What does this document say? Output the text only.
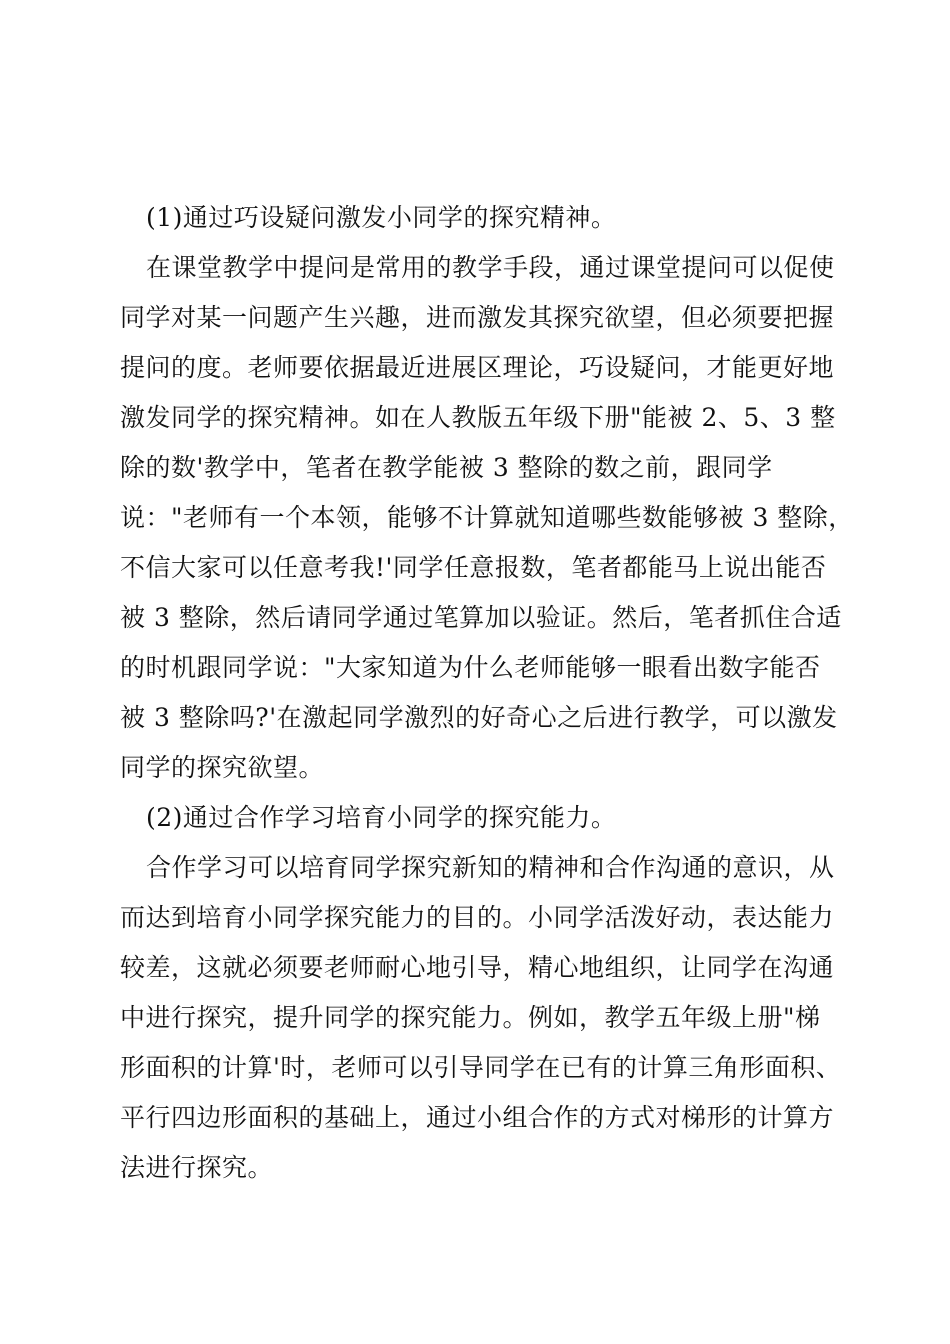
(1)通过巧设疑问激发小同学的探究精神。
在课堂教学中提问是常用的教学手段，通过课堂提问可以促使
同学对某一问题产生兴趣，进而激发其探究欲望，但必须要把握
提问的度。老师要依据最近进展区理论，巧设疑问，才能更好地
激发同学的探究精神。如在人教版五年级下册"能被 2、5、3 整
除的数'教学中，笔者在教学能被 3 整除的数之前，跟同学
说："老师有一个本领，能够不计算就知道哪些数能够被 3 整除，
不信大家可以任意考我!'同学任意报数，笔者都能马上说出能否
被 3 整除，然后请同学通过笔算加以验证。然后，笔者抓住合适
的时机跟同学说："大家知道为什么老师能够一眼看出数字能否
被 3 整除吗?'在激起同学激烈的好奇心之后进行教学，可以激发
同学的探究欲望。
(2)通过合作学习培育小同学的探究能力。
合作学习可以培育同学探究新知的精神和合作沟通的意识，从
而达到培育小同学探究能力的目的。小同学活泼好动，表达能力
较差，这就必须要老师耐心地引导，精心地组织，让同学在沟通
中进行探究，提升同学的探究能力。例如，教学五年级上册"梯
形面积的计算'时，老师可以引导同学在已有的计算三角形面积、
平行四边形面积的基础上，通过小组合作的方式对梯形的计算方
法进行探究。
